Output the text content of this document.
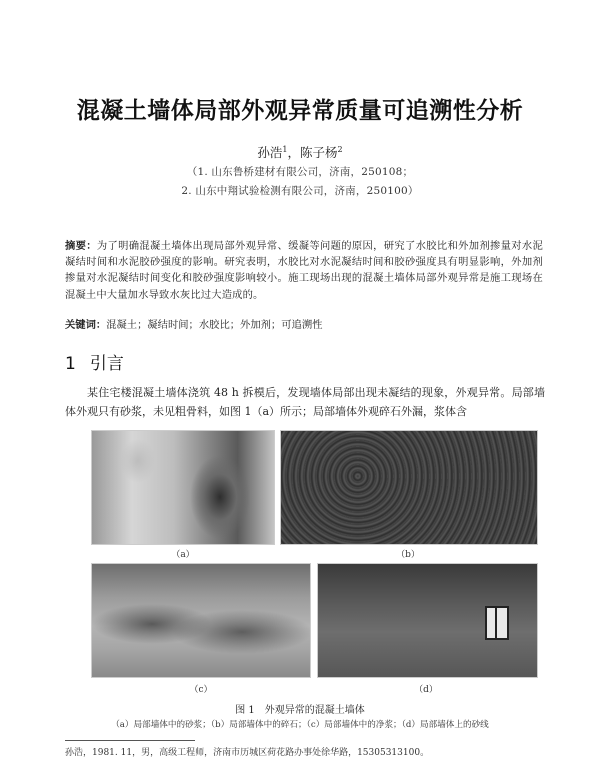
混凝土墙体局部外观异常质量可追溯性分析
孙浩$^1$，陈子杨$^2$
（1. 山东鲁桥建材有限公司，济南，250108；
2. 山东中翔试验检测有限公司，济南，250100）
摘要：为了明确混凝土墙体出现局部外观异常、缓凝等问题的原因，研究了水胶比和外加剂掺量对水泥凝结时间和水泥胶砂强度的影响。研究表明，水胶比对水泥凝结时间和胶砂强度具有明显影响，外加剂掺量对水泥凝结时间变化和胶砂强度影响较小。施工现场出现的混凝土墙体局部外观异常是施工现场在混凝土中大量加水导致水灰比过大造成的。
关键词：混凝土；凝结时间；水胶比；外加剂；可追溯性
1 引言

某住宅楼混凝土墙体浇筑 48 h 拆模后，发现墙体局部出现未凝结的现象，外观异常。局部墙体外观只有砂浆，未见粗骨料，如图 1（a）所示；局部墙体外观碎石外漏，浆体含

（a）	（b）
（c）	（d）
图 1　外观异常的混凝土墙体
（a）局部墙体中的砂浆；（b）局部墙体中的碎石；（c）局部墙体中的净浆；（d）局部墙体上的砂线
孙浩，1981. 11，男，高级工程师，济南市历城区荷花路办事处徐华路，15305313100。
